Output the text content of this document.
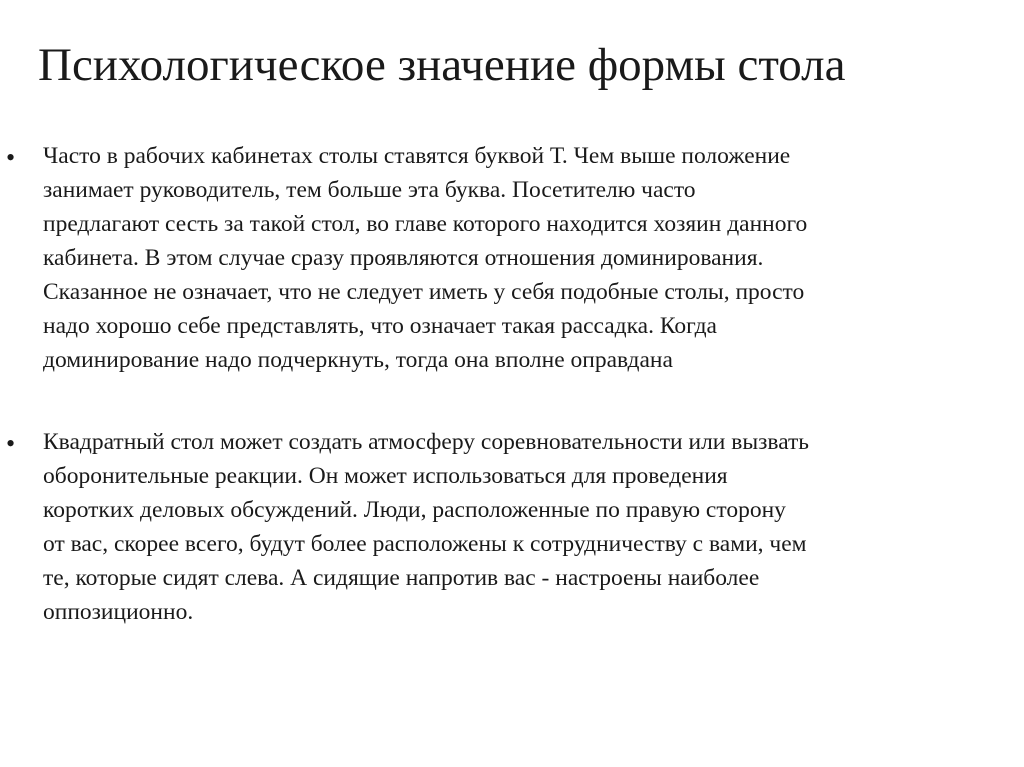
Психологическое значение формы стола
• Часто в рабочих кабинетах столы ставятся буквой Т. Чем выше положение
занимает руководитель, тем больше эта буква. Посетителю часто
предлагают сесть за такой стол, во главе которого находится хозяин данного
кабинета. В этом случае сразу проявляются отношения доминирования.
Сказанное не означает, что не следует иметь у себя подобные столы, просто
надо хорошо себе представлять, что означает такая рассадка. Когда
доминирование надо подчеркнуть, тогда она вполне оправдана

• Квадратный стол может создать атмосферу соревновательности или вызвать
оборонительные реакции. Он может использоваться для проведения
коротких деловых обсуждений. Люди, расположенные по правую сторону
от вас, скорее всего, будут более расположены к сотрудничеству с вами, чем
те, которые сидят слева. А сидящие напротив вас - настроены наиболее
оппозиционно.
